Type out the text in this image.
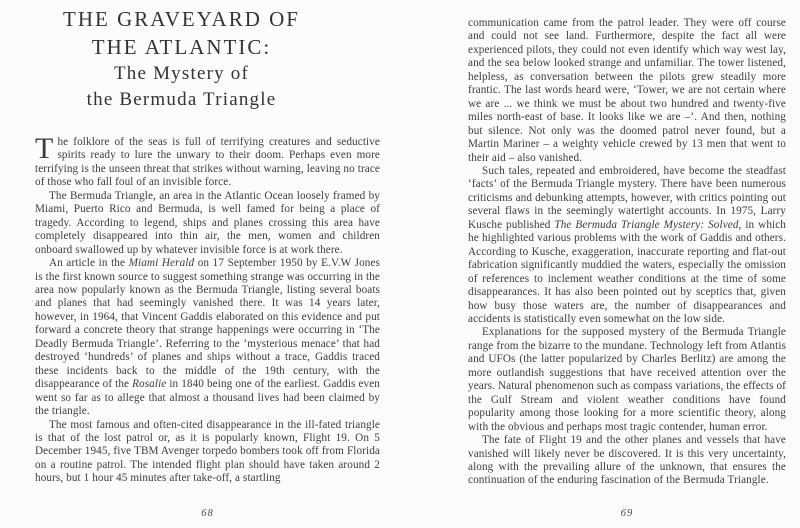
THE GRAVEYARD OF
THE ATLANTIC:
The Mystery of
the Bermuda Triangle

The folklore of the seas is full of terrifying creatures and seductive spirits ready to lure the unwary to their doom. Perhaps even more terrifying is the unseen threat that strikes without warning, leaving no trace of those who fall foul of an invisible force.

The Bermuda Triangle, an area in the Atlantic Ocean loosely framed by Miami, Puerto Rico and Bermuda, is well famed for being a place of tragedy. According to legend, ships and planes crossing this area have completely disappeared into thin air, the men, women and children onboard swallowed up by whatever invisible force is at work there.

An article in the Miami Herald on 17 September 1950 by E.V.W Jones is the first known source to suggest something strange was occurring in the area now popularly known as the Bermuda Triangle, listing several boats and planes that had seemingly vanished there. It was 14 years later, however, in 1964, that Vincent Gaddis elaborated on this evidence and put forward a concrete theory that strange happenings were occurring in ‘The Deadly Bermuda Triangle’. Referring to the ‘mysterious menace’ that had destroyed ‘hundreds’ of planes and ships without a trace, Gaddis traced these incidents back to the middle of the 19th century, with the disappearance of the Rosalie in 1840 being one of the earliest. Gaddis even went so far as to allege that almost a thousand lives had been claimed by the triangle.

The most famous and often-cited disappearance in the ill-fated triangle is that of the lost patrol or, as it is popularly known, Flight 19. On 5 December 1945, five TBM Avenger torpedo bombers took off from Florida on a routine patrol. The intended flight plan should have taken around 2 hours, but 1 hour 45 minutes after take-off, a startling

68

communication came from the patrol leader. They were off course and could not see land. Furthermore, despite the fact all were experienced pilots, they could not even identify which way west lay, and the sea below looked strange and unfamiliar. The tower listened, helpless, as conversation between the pilots grew steadily more frantic. The last words heard were, ‘Tower, we are not certain where we are ... we think we must be about two hundred and twenty-five miles north-east of base. It looks like we are –’. And then, nothing but silence. Not only was the doomed patrol never found, but a Martin Mariner – a weighty vehicle crewed by 13 men that went to their aid – also vanished.

Such tales, repeated and embroidered, have become the steadfast ‘facts’ of the Bermuda Triangle mystery. There have been numerous criticisms and debunking attempts, however, with critics pointing out several flaws in the seemingly watertight accounts. In 1975, Larry Kusche published The Bermuda Triangle Mystery: Solved, in which he highlighted various problems with the work of Gaddis and others. According to Kusche, exaggeration, inaccurate reporting and flat-out fabrication significantly muddied the waters, especially the omission of references to inclement weather conditions at the time of some disappearances. It has also been pointed out by sceptics that, given how busy those waters are, the number of disappearances and accidents is statistically even somewhat on the low side.

Explanations for the supposed mystery of the Bermuda Triangle range from the bizarre to the mundane. Technology left from Atlantis and UFOs (the latter popularized by Charles Berlitz) are among the more outlandish suggestions that have received attention over the years. Natural phenomenon such as compass variations, the effects of the Gulf Stream and violent weather conditions have found popularity among those looking for a more scientific theory, along with the obvious and perhaps most tragic contender, human error.

The fate of Flight 19 and the other planes and vessels that have vanished will likely never be discovered. It is this very uncertainty, along with the prevailing allure of the unknown, that ensures the continuation of the enduring fascination of the Bermuda Triangle.

69
